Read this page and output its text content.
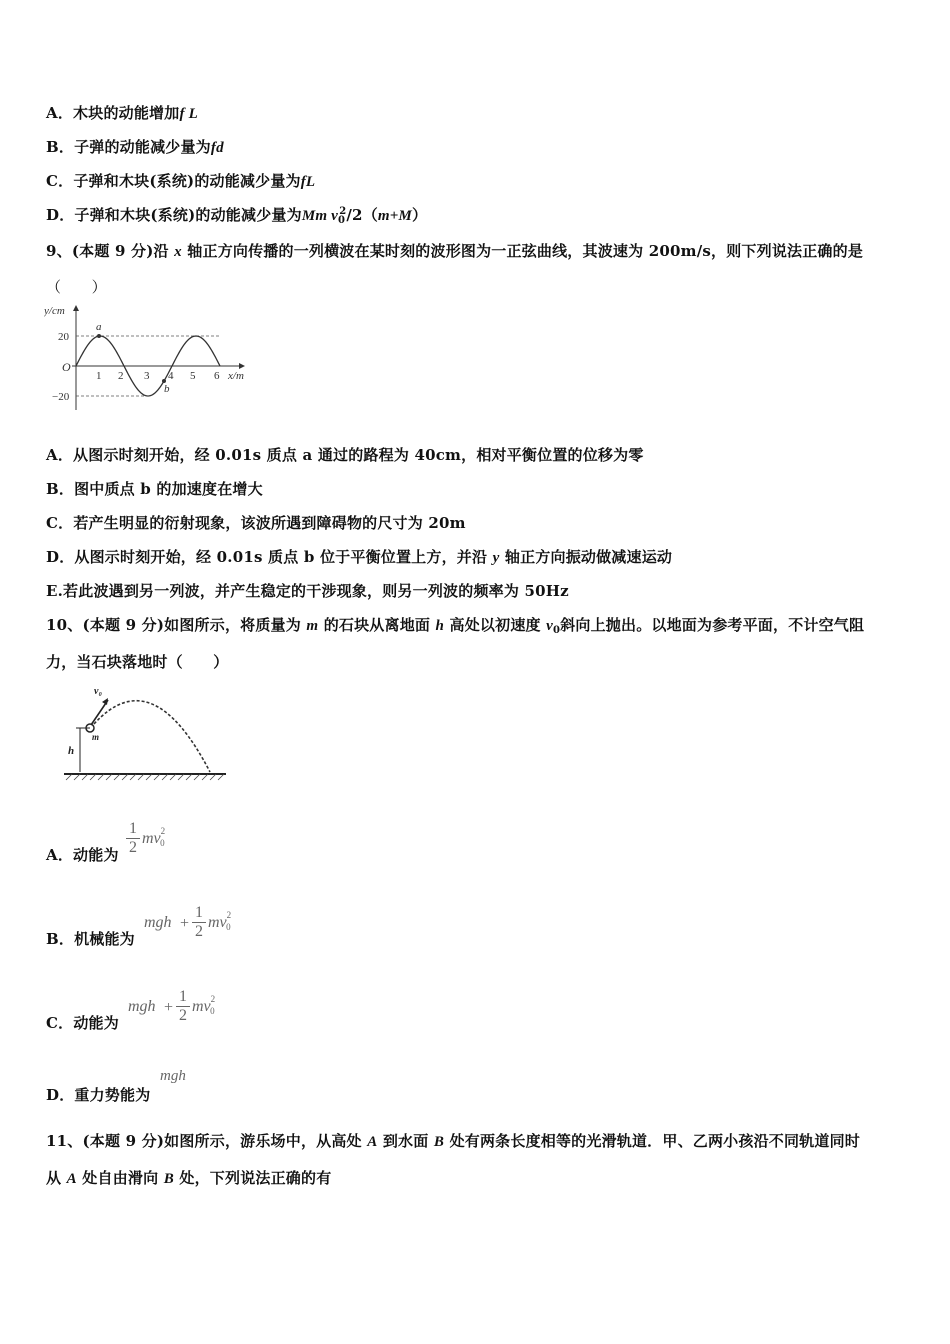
A．木块的动能增加f L
B．子弹的动能减少量为fd
C．子弹和木块(系统)的动能减少量为fL
D．子弹和木块(系统)的动能减少量为Mm $v_0^2/2(m+M)$
9、(本题 9 分)沿 x 轴正方向传播的一列横波在某时刻的波形图为一正弦曲线，其波速为 200m/s，则下列说法正确的是
（　　）
y/cm
O
20
−20
1 2 3 4 5 6 x/m
a
b
A．从图示时刻开始，经 0.01s 质点 a 通过的路程为 40cm，相对平衡位置的位移为零
B．图中质点 b 的加速度在增大
C．若产生明显的衍射现象，该波所遇到障碍物的尺寸为 20m
D．从图示时刻开始，经 0.01s 质点 b 位于平衡位置上方，并沿 y 轴正方向振动做减速运动
E.若此波遇到另一列波，并产生稳定的干涉现象，则另一列波的频率为 50Hz
10、(本题 9 分)如图所示，将质量为 m 的石块从离地面 h 高处以初速度 $v_0$斜向上抛出。以地面为参考平面，不计空气阻
力，当石块落地时（　　）
h
m
v₀
A．动能为
1
2
$mv^20$
B．机械能为
mgh +
1
2
$mv^20$
C．动能为
mgh +
1
2
$mv^20$
D．重力势能为
mgh
11、(本题 9 分)如图所示，游乐场中，从高处 A 到水面 B 处有两条长度相等的光滑轨道．甲、乙两小孩沿不同轨道同时
从 A 处自由滑向 B 处，下列说法正确的有
